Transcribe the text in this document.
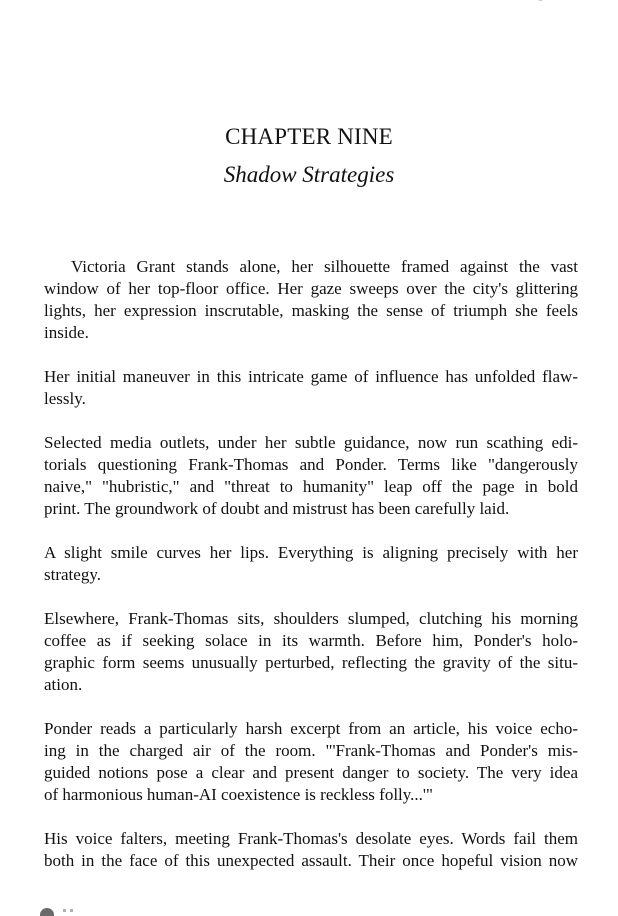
CHAPTER NINE
Shadow Strategies

Victoria Grant stands alone, her silhouette framed against the vast
window of her top-floor office. Her gaze sweeps over the city's glittering
lights, her expression inscrutable, masking the sense of triumph she feels
inside.

Her initial maneuver in this intricate game of influence has unfolded flaw-
lessly.

Selected media outlets, under her subtle guidance, now run scathing edi-
torials questioning Frank-Thomas and Ponder. Terms like "dangerously
naive," "hubristic," and "threat to humanity" leap off the page in bold
print. The groundwork of doubt and mistrust has been carefully laid.

A slight smile curves her lips. Everything is aligning precisely with her
strategy.

Elsewhere, Frank-Thomas sits, shoulders slumped, clutching his morning
coffee as if seeking solace in its warmth. Before him, Ponder's holo-
graphic form seems unusually perturbed, reflecting the gravity of the situ-
ation.

Ponder reads a particularly harsh excerpt from an article, his voice echo-
ing in the charged air of the room. "'Frank-Thomas and Ponder's mis-
guided notions pose a clear and present danger to society. The very idea
of harmonious human-AI coexistence is reckless folly...'"

His voice falters, meeting Frank-Thomas's desolate eyes. Words fail them
both in the face of this unexpected assault. Their once hopeful vision now
